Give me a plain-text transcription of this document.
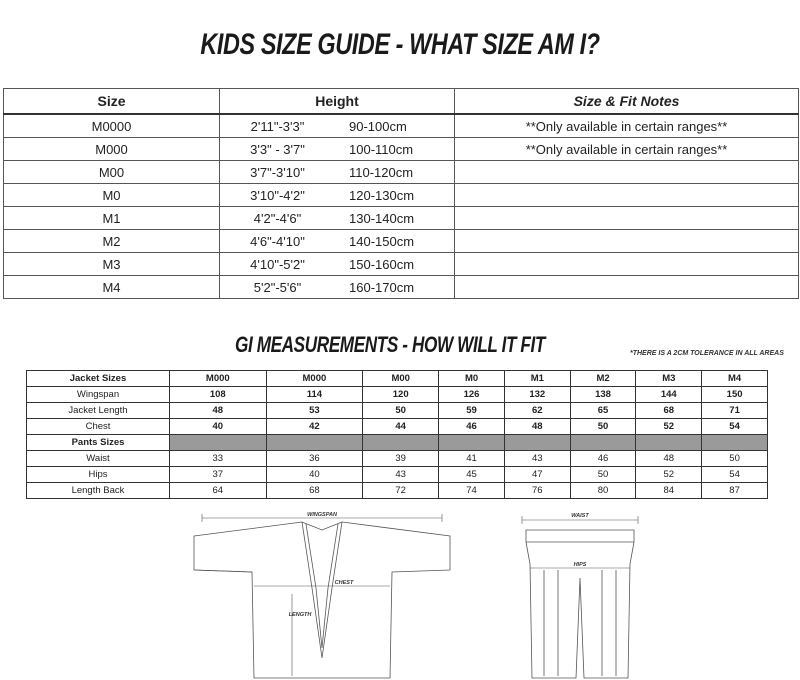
KIDS SIZE GUIDE - WHAT SIZE AM I?
Size	Height		Size & Fit Notes
M0000	2'11"-3'3"	90-100cm	**Only available in certain ranges**
M000	3'3" - 3'7"	100-110cm	**Only available in certain ranges**
M00	3'7"-3'10"	110-120cm	
M0	3'10"-4'2"	120-130cm	
M1	4'2"-4'6"	130-140cm	
M2	4'6"-4'10"	140-150cm	
M3	4'10"-5'2"	150-160cm	
M4	5'2"-5'6"	160-170cm	
GI MEASUREMENTS - HOW WILL IT FIT	*THERE IS A 2CM TOLERANCE IN ALL AREAS
Jacket Sizes	M000	M000	M00	M0	M1	M2	M3	M4
Wingspan	108	114	120	126	132	138	144	150
Jacket Length	48	53	50	59	62	65	68	71
Chest	40	42	44	46	48	50	52	54
Pants Sizes								
Waist	33	36	39	41	43	46	48	50
Hips	37	40	43	45	47	50	52	54
Length Back	64	68	72	74	76	80	84	87
WINGSPAN
CHEST
LENGTH
WAIST
HIPS
